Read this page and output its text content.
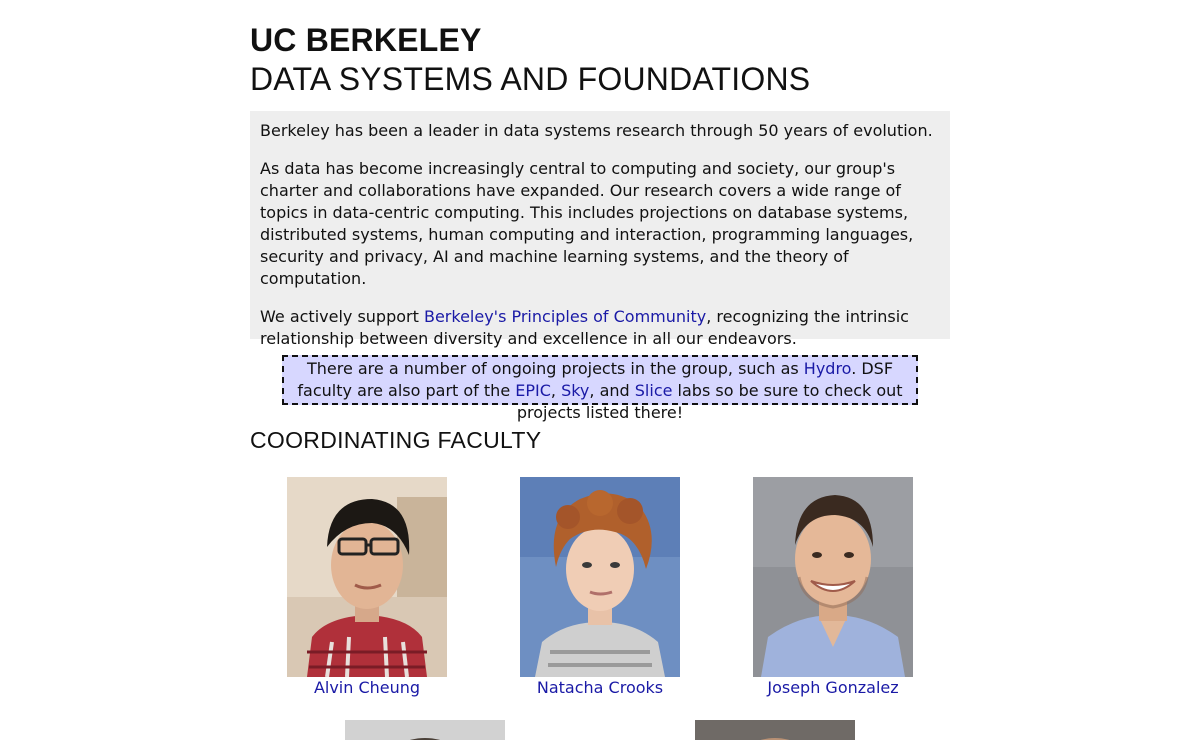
UC BERKELEY
DATA SYSTEMS AND FOUNDATIONS

Berkeley has been a leader in data systems research through 50 years of evolution.

As data has become increasingly central to computing and society, our group's charter and collaborations have expanded. Our research covers a wide range of topics in data-centric computing. This includes projections on database systems, distributed systems, human computing and interaction, programming languages, security and privacy, AI and machine learning systems, and the theory of computation.

We actively support Berkeley's Principles of Community, recognizing the intrinsic relationship between diversity and excellence in all our endeavors.

There are a number of ongoing projects in the group, such as Hydro. DSF faculty are also part of the EPIC, Sky, and Slice labs so be sure to check out projects listed there!
COORDINATING FACULTY
Alvin Cheung	Natacha Crooks	Joseph Gonzalez
